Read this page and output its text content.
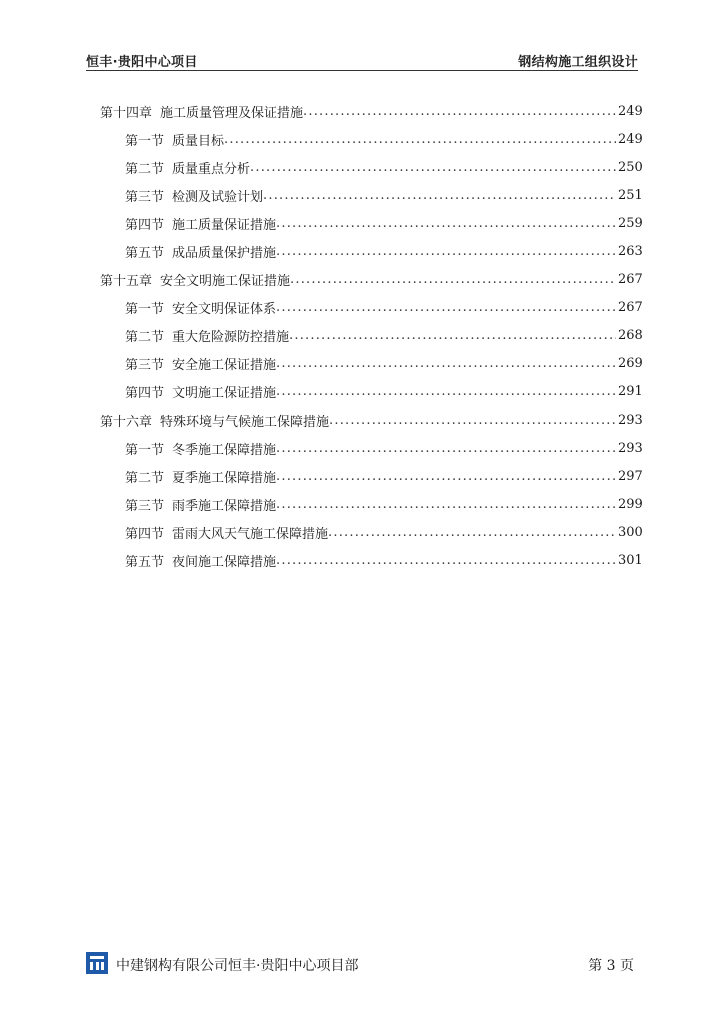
恒丰·贵阳中心项目	钢结构施工组织设计
第十四章 施工质量管理及保证措施 .....	249
第一节 质量目标 .....	249
第二节 质量重点分析 .....	250
第三节 检测及试验计划 .....	251
第四节 施工质量保证措施 .....	259
第五节 成品质量保护措施 .....	263
第十五章 安全文明施工保证措施 .....	267
第一节 安全文明保证体系 .....	267
第二节 重大危险源防控措施 .....	268
第三节 安全施工保证措施 .....	269
第四节 文明施工保证措施 .....	291
第十六章 特殊环境与气候施工保障措施 .....	293
第一节 冬季施工保障措施 .....	293
第二节 夏季施工保障措施 .....	297
第三节 雨季施工保障措施 .....	299
第四节 雷雨大风天气施工保障措施 .....	300
第五节 夜间施工保障措施 .....	301
中建钢构有限公司恒丰·贵阳中心项目部	第 3 页
